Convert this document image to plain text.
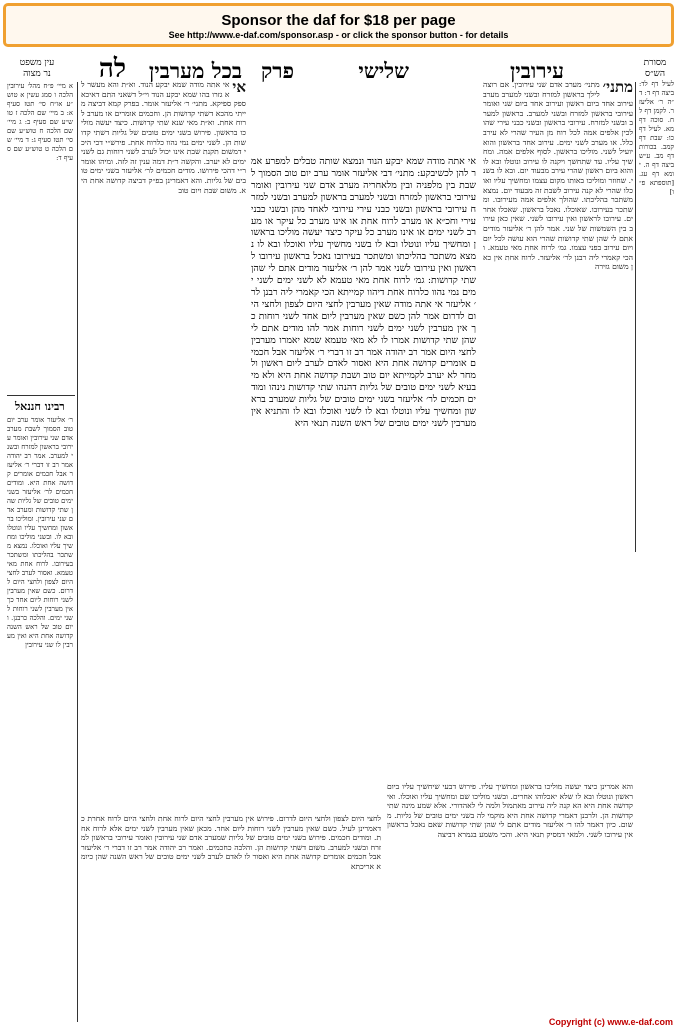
Sponsor the daf for $18 per page
See http://www.e-daf.com/sponsor.asp - or click the sponsor button - for details
לה	שלישי	עירובין
פרק
בכל מערבין
עין משפט
נר מצוה
מסורת
הש״ס
לעיל דף לד: ביצה דף ד: ד״ה ר׳ אליעזר. לקמן דף לח. סוכה דף מא. לעיל דף כו: שבת דף קמב. בכורות דף מב. ע״ש ביצה דף ה. יומא דף עג. [תוספתא פ״ו]
מתני׳
מתני׳ מערב אדם שני עירובין. אם רוצה לילך בראשון למזרח ובשני למערב מערב עירוב אחד ביום ראשון ועירוב אחד ביום שני ואומר עירובי בראשון למזרח ובשני למערב. בראשון למערב ובשני למזרח. עירובי בראשון ובשני כבני עירי שהולכין אלפים אמה לכל רוח מן העיר שהרי לא עירב כלל. או מערב לשני ימים. עירוב אחד בראשון והוא יועיל לשני. מוליכו בראשון. לסוף אלפים אמה. ומחשיך עליו. עד שתחשך ויקנה לו עירוב ונוטלו ובא לו והוא ביום ראשון שהרי עירב מבעוד יום. ובא לו בשני. שחוזר ומוליכו באותו מקום עצמו ומחשיך עליו ואוכלו שהרי לא קנה עירוב לשבת זה מבעוד יום. נמצא משתכר בהליכתו. שהולך אלפים אמה מעירובו. ומשתכר בעירובו. שאוכלו. נאכל בראשון. שאכלו אחרים. עירובו לראשון ואין עירובו לשני. שאין כאן עירוב בין השמשות של שני. אמר להן ר׳ אליעזר מודים אתם לי שהן שתי קדושות שהרי הוא עושה לכל יום ויום עירוב בפני עצמו. גמ׳ לרוח אחת מאי טעמא. והכי קאמרי ליה רבנן לר׳ אליעזר. לרוח אחת אין כאן משום גזירה
אי
אי אתה מודה שמא יבקע הנוד. וא״ת והא מעשר לא גזרו בהו שמא יבקע הנוד וי״ל דשאני התם דאיכא ספק ספיקא. מתני׳ ר׳ אליעזר אומר. בפרק קמא דביצה מייתי מהכא דשתי קדושות הן. וחכמים אומרים או מערב לרוח אחת. וא״ת מאי שנא שתי קדושות. כיצד יעשה מוליכו בראשון. פירוש בשני ימים טובים של גליות דשתי קדושות הן. לשני ימים נמי נהוו כלרוח אחת. פירש״י דכי היכי דמשום תקנת שבת אינו יכול לערב לשני רוחות גם לשני ימים לא יערב. והקשה ר״ת דמה ענין זה לזה. ומיהו אומר ר״י דהכי פירושו. מודים חכמים לר׳ אליעזר בשני ימים טובים של גליות. והא דאמרינן בפ״ק דביצה קדושה אחת היא. משום שבת ויום טוב
אי אתה מודה שמא יבקע הנוד ונמצא שותה טבלים למפרע אמר להן לכשיבקע: מתני׳ דבי אליעזר אומר ערב יום טוב הסמוך לשבת בין מלפניה ובין מלאחריה מערב אדם שני עירובין ואומר עירובי בראשון למזרח ובשני למערב בראשון למערב ובשני למזרח עירובי בראשון ובשני כבני עירי עירובי לאחד מהן ובשני כבני עירי וחכ״א או מערב לרוח אחת או אינו מערב כל עיקר או מערב לשני ימים או אינו מערב כל עיקר כיצד יעשה מוליכו בראשון ומחשיך עליו ונוטלו ובא לו בשני מחשיך עליו ואוכלו ובא לו נמצא משתכר בהליכתו ומשתכר בעירובו נאכל בראשון עירובו לראשון ואין עירובו לשני אמר להן ר׳ אליעזר מודים אתם לי שהן שתי קדושות: גמ׳ לרוח אחת מאי טעמא לא לשני ימים לשני ימים נמי נהוו כלרוח אחת דיהוו קמייתא הכי קאמרי ליה רבנן לר׳ אליעזר אי אתה מודה שאין מערבין לחצי היום לצפון ולחצי היום לדרום אמר להן כשם שאין מערבין ליום אחד לשני רוחות כך אין מערבין לשני ימים לשני רוחות אמר להו מודים אתם לי שהן שתי קדושות אמרו לו לא מאי טעמא שמא יאמרו מערבין לחצי היום אמר רב יהודה אמר רב זו דברי ר׳ אליעזר אבל חכמים אומרים קדושה אחת היא ואסור לאדם לערב ליום ראשון ולמחר לא יערב לקמייתא יום טוב ושבת קדושה אחת היא ולא מיבעיא לשני ימים טובים של גליות דהנהו שתי קדושות נינהו ומודים חכמים לר׳ אליעזר בשני ימים טובים של גליות שמערב בראשון ומחשיך עליו ונוטלו ובא לו לשני ואוכלו ובא לו והתניא אין מערבין לשני ימים טובים של ראש השנה תנאי היא
א מיי׳ פ״ח מהל׳ עירובין הלכה ו סמג עשין א טוש״ע או״ח סי׳ תטז סעיף א: ב מיי׳ שם הלכה ז טוש״ע שם סעיף ב: ג מיי׳ שם הלכה ח טוש״ע שם סי׳ תטז סעיף ג: ד מיי׳ שם הלכה ט טוש״ע שם סעיף ד:
רבינו חננאל
ר׳ אליעזר אומר ערב יום טוב הסמוך לשבת מערב אדם שני עירובין ואומר עירובי בראשון למזרח ובשני למערב. אמר רב יהודה אמר רב זו דברי ר׳ אליעזר אבל חכמים אומרים קדושה אחת היא. ומודים חכמים לר׳ אליעזר בשני ימים טובים של גליות שהן שתי קדושות ומערב אדם שני עירובין. ומוליכו בראשון ומחשיך עליו ונוטלו ובא לו. ובשני מוליכו ומחשיך עליו ואוכלו. נמצא משתכר בהליכתו ומשתכר בעירובו. לרוח אחת מאי טעמא. ואסור לערב לחצי היום לצפון ולחצי היום לדרום. כשם שאין מערבין לשני רוחות ליום אחד כך אין מערבין לשני רוחות לשני ימים. והלכה כרבנן. ויום טוב של ראש השנה קדושה אחת היא ואין מערבין לו שני עירובין
לחצי היום לצפון ולחצי היום לדרום. פירוש אין מערבין לחצי היום לרוח אחת ולחצי היום לרוח אחרת כדאמרינן לעיל. כשם שאין מערבין לשני רוחות ליום אחד. מכאן שאין מערבין לשני ימים אלא לרוח אחת. ומודים חכמים. פירוש בשני ימים טובים של גליות שמערב אדם שני עירובין ואומר עירובי בראשון למזרח ובשני למערב. משום דשתי קדושות הן. והלכה כחכמים. ואמר רב יהודה אמר רב זו דברי ר׳ אליעזר אבל חכמים אומרים קדושה אחת היא ואסור לו לאדם לערב לשני ימים טובים של ראש השנה שהן כיומא אריכתא
והא אמרינן כיצד יעשה מוליכו בראשון ומחשיך עליו. פירוש דבעי שיחשיך עליו ביום ראשון ונוטלו ובא לו שלא יאכלוהו אחרים. ובשני מוליכו שם ומחשיך עליו ואוכלו. ואי קדושה אחת היא הא קנה ליה עירוב מאתמול ולמה לי לאהדורי. אלא שמע מינה שתי קדושות הן. ולרבנן דאמרי קדושה אחת היא מוקמי לה בשני ימים טובים של גליות. משום. כיון דאמר להו ר׳ אליעזר מודים אתם לי שהן שתי קדושות שאם נאכל בראשון אין עירובו לשני. ולמאי דמסיק תנאי היא. והכי משמע בגמרא דביצה
Copyright (c) www.e-daf.com
